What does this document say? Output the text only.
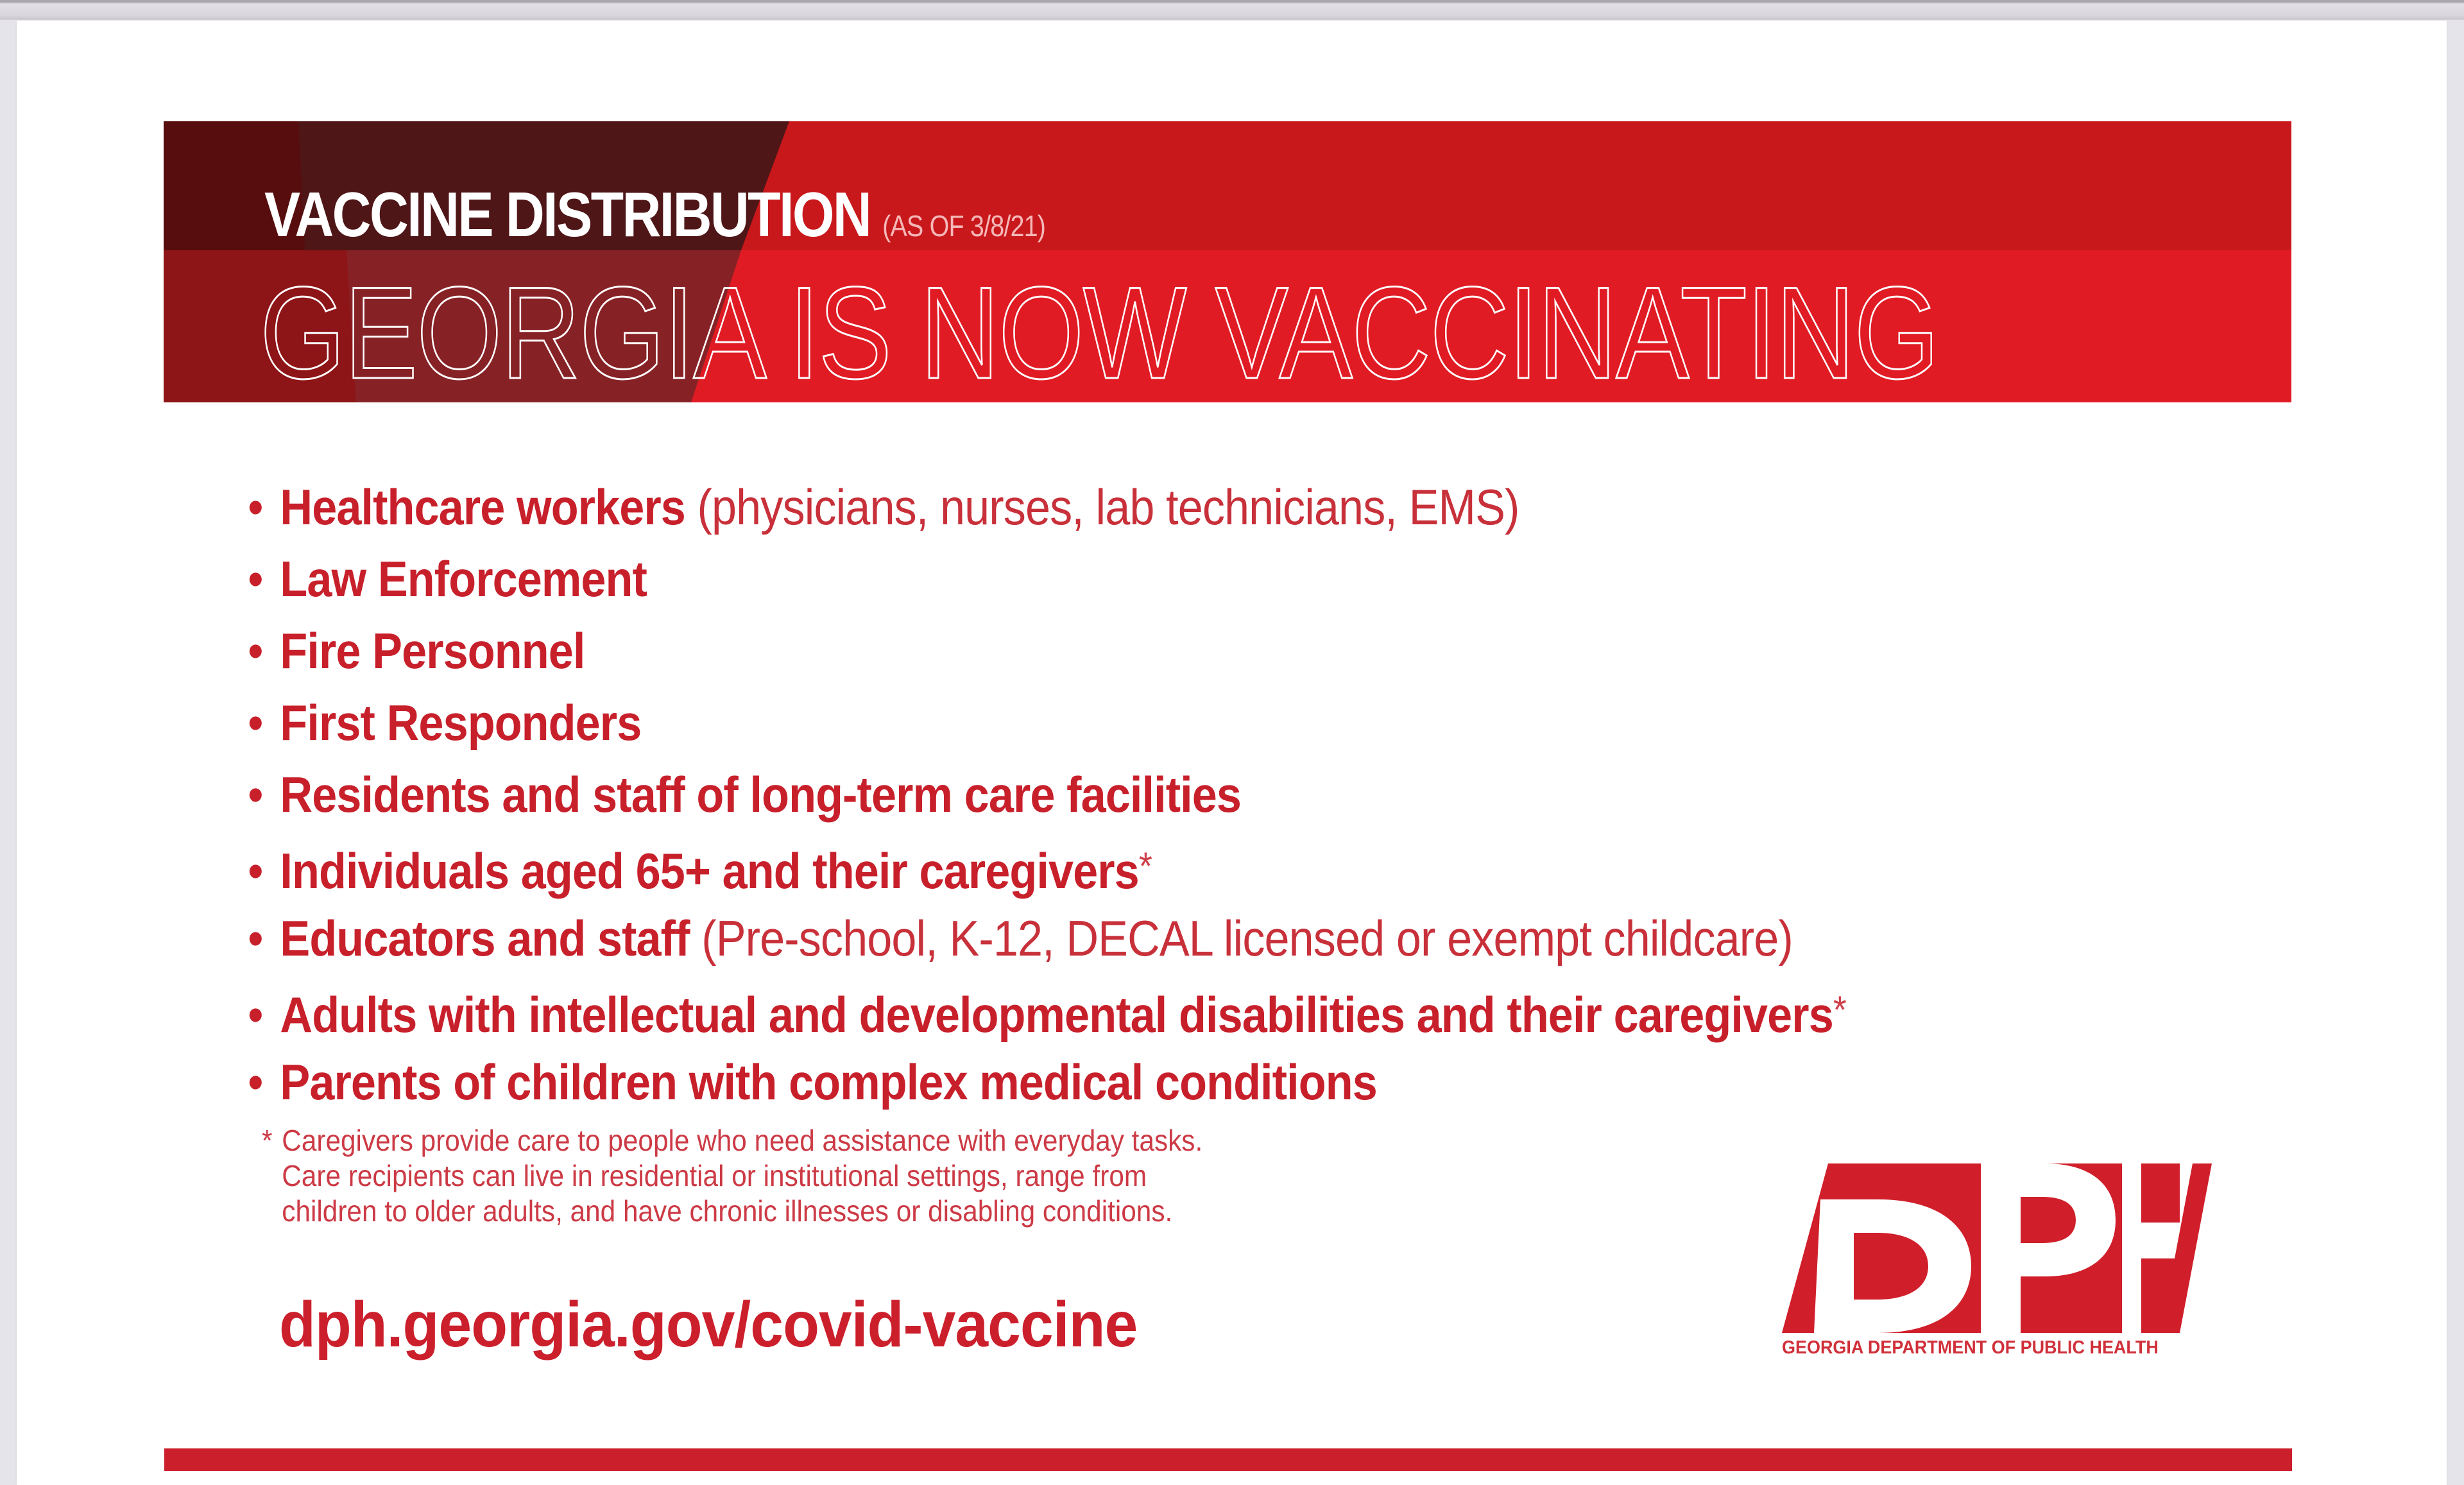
VACCINE DISTRIBUTION (AS OF 3/8/21)
GEORGIA IS NOW VACCINATING
• Healthcare workers (physicians, nurses, lab technicians, EMS)
• Law Enforcement
• Fire Personnel
• First Responders
• Residents and staff of long-term care facilities
• Individuals aged 65+ and their caregivers*
• Educators and staff (Pre-school, K-12, DECAL licensed or exempt childcare)
• Adults with intellectual and developmental disabilities and their caregivers*
• Parents of children with complex medical conditions
* Caregivers provide care to people who need assistance with everyday tasks.
Care recipients can live in residential or institutional settings, range from
children to older adults, and have chronic illnesses or disabling conditions.
dph.georgia.gov/covid-vaccine	GEORGIA DEPARTMENT OF PUBLIC HEALTH
